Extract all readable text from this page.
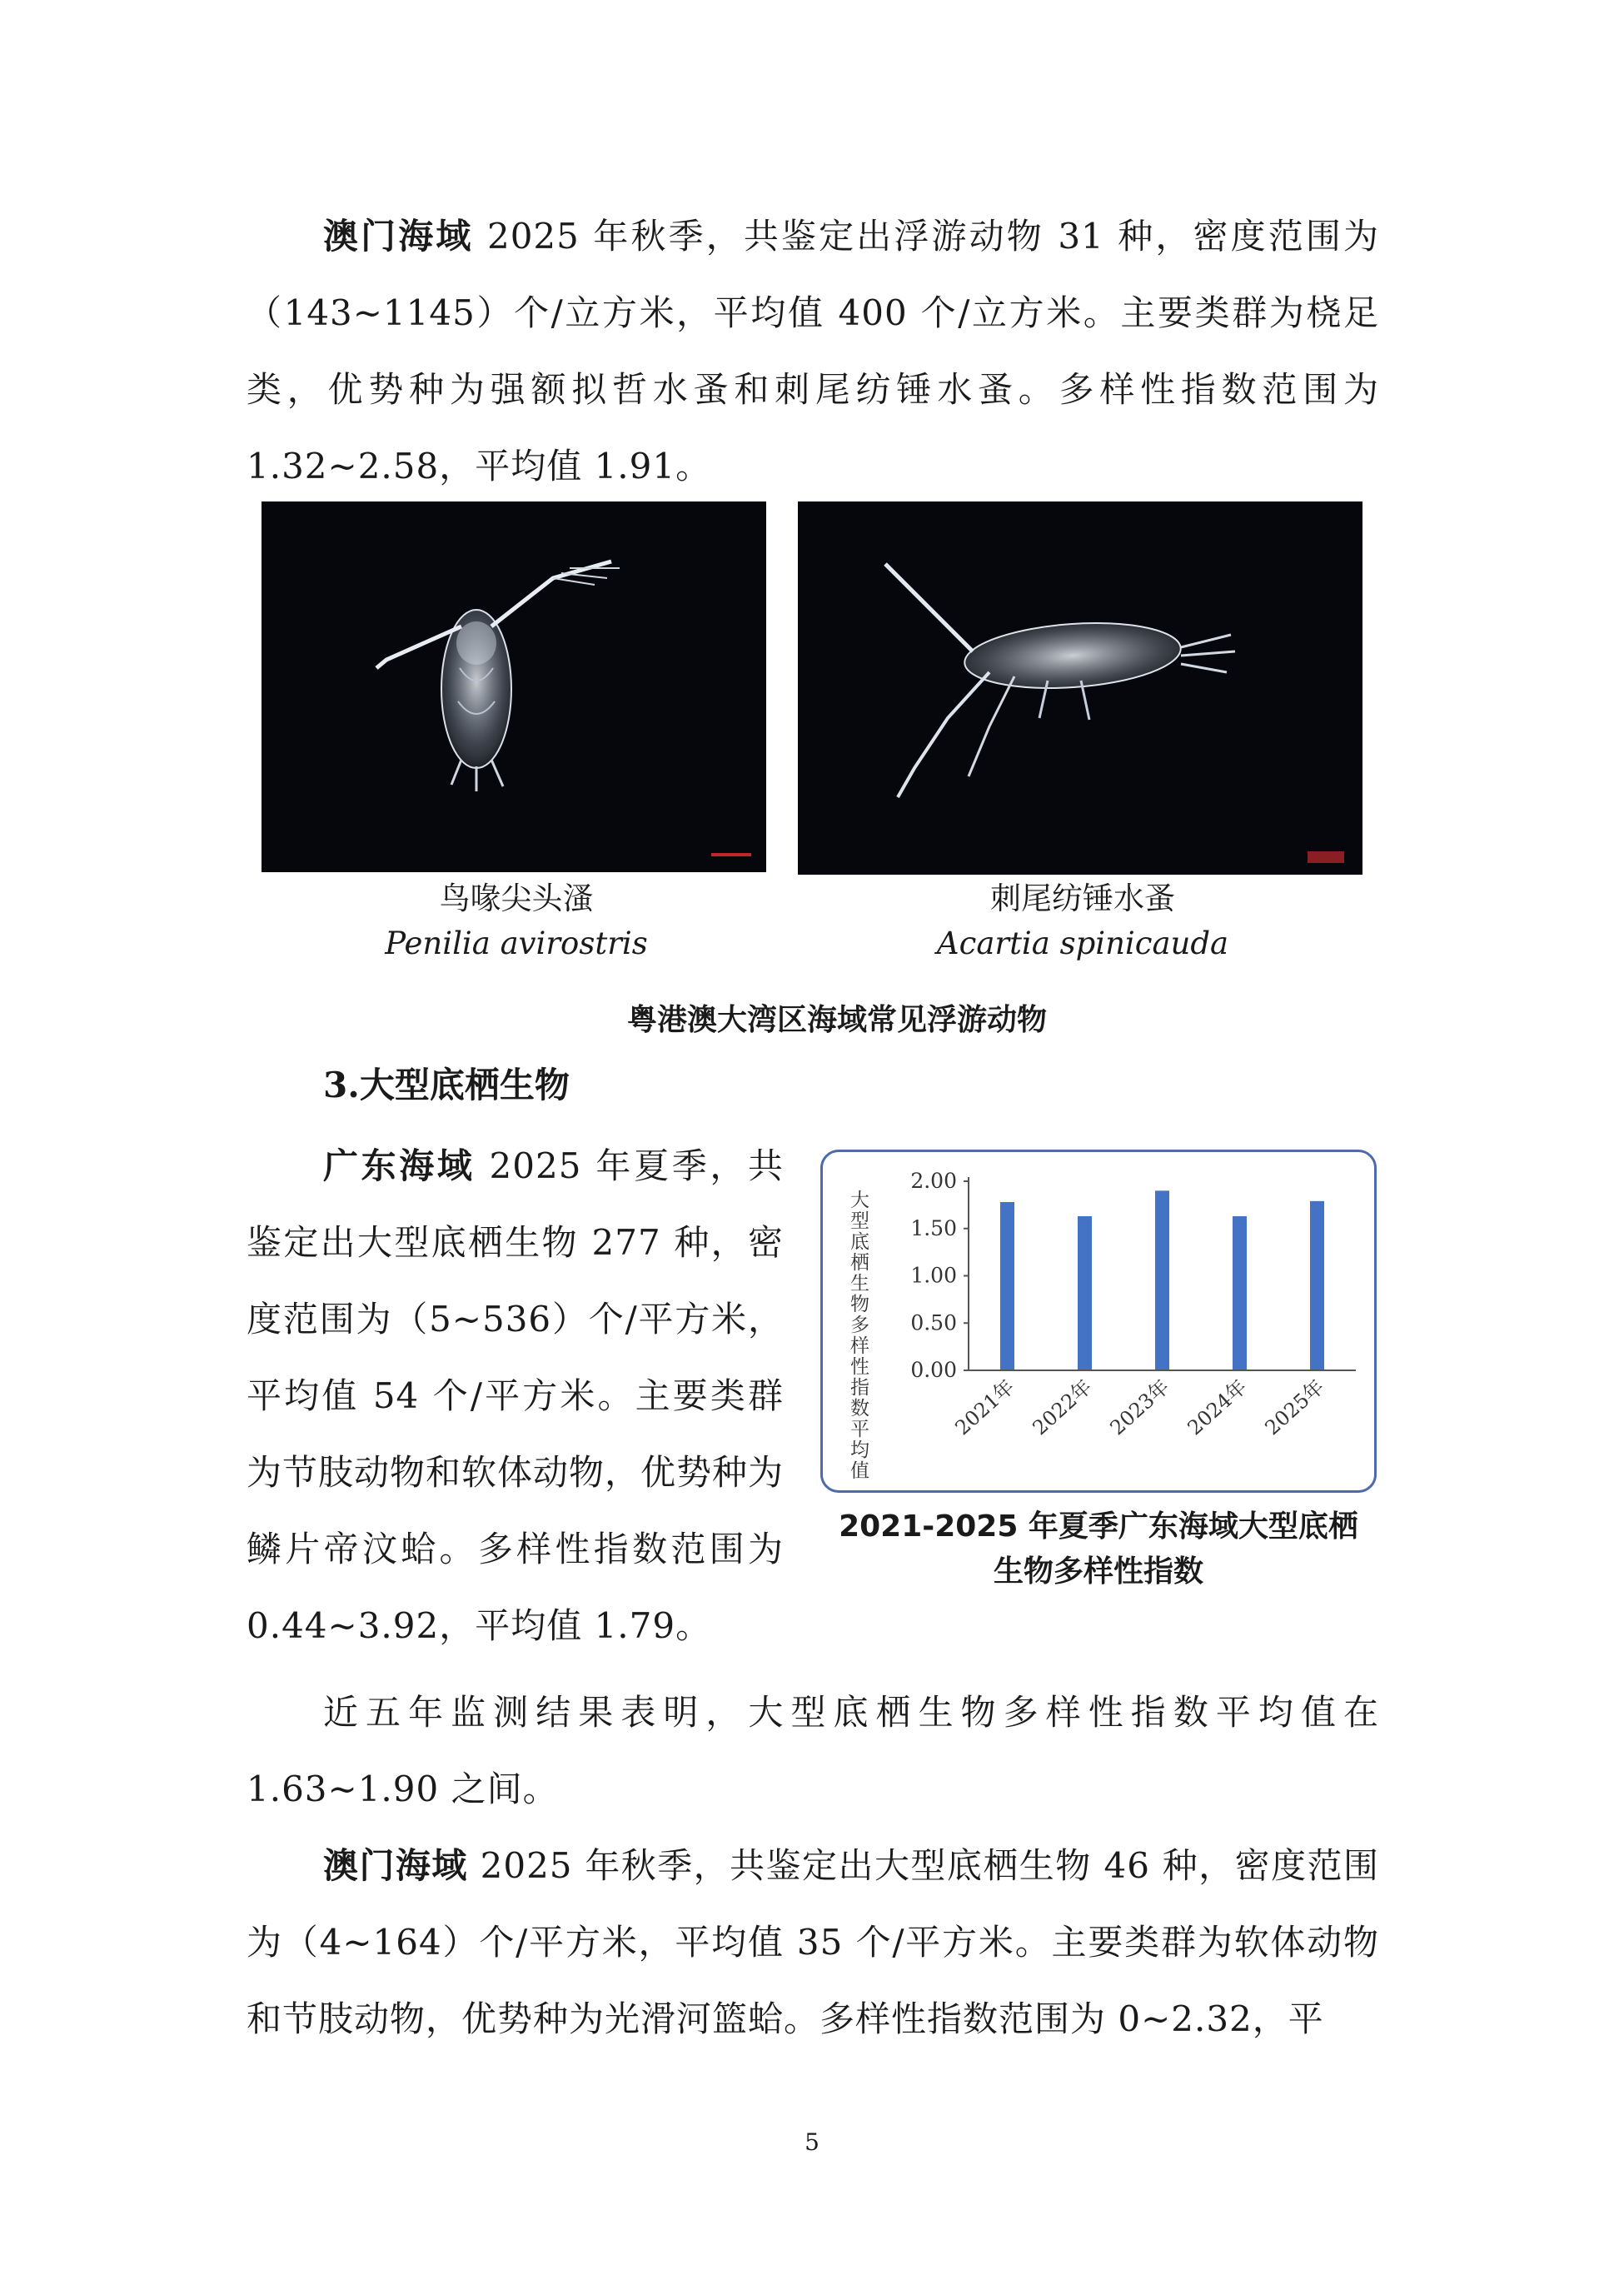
澳门海域 2025 年秋季，共鉴定出浮游动物 31 种，密度范围为（143~1145）个/立方米，平均值 400 个/立方米。主要类群为桡足类，优势种为强额拟哲水蚤和刺尾纺锤水蚤。多样性指数范围为 1.32~2.58，平均值 1.91。

鸟喙尖头溞
Penilia avirostris
刺尾纺锤水蚤
Acartia spinicauda
粤港澳大湾区海域常见浮游动物
3.大型底栖生物

广东海域 2025 年夏季，共鉴定出大型底栖生物 277 种，密度范围为（5~536）个/平方米，平均值 54 个/平方米。主要类群为节肢动物和软体动物，优势种为鳞片帝汶蛤。多样性指数范围为 0.44~3.92，平均值 1.79。

大型底栖生物多样性指数平均值
2.00
1.50
1.00
0.50
0.00
2021年 2022年 2023年 2024年 2025年
2021-2025 年夏季广东海域大型底栖
生物多样性指数

近五年监测结果表明，大型底栖生物多样性指数平均值在 1.63~1.90 之间。

澳门海域 2025 年秋季，共鉴定出大型底栖生物 46 种，密度范围为（4~164）个/平方米，平均值 35 个/平方米。主要类群为软体动物和节肢动物，优势种为光滑河篮蛤。多样性指数范围为 0~2.32，平

5
